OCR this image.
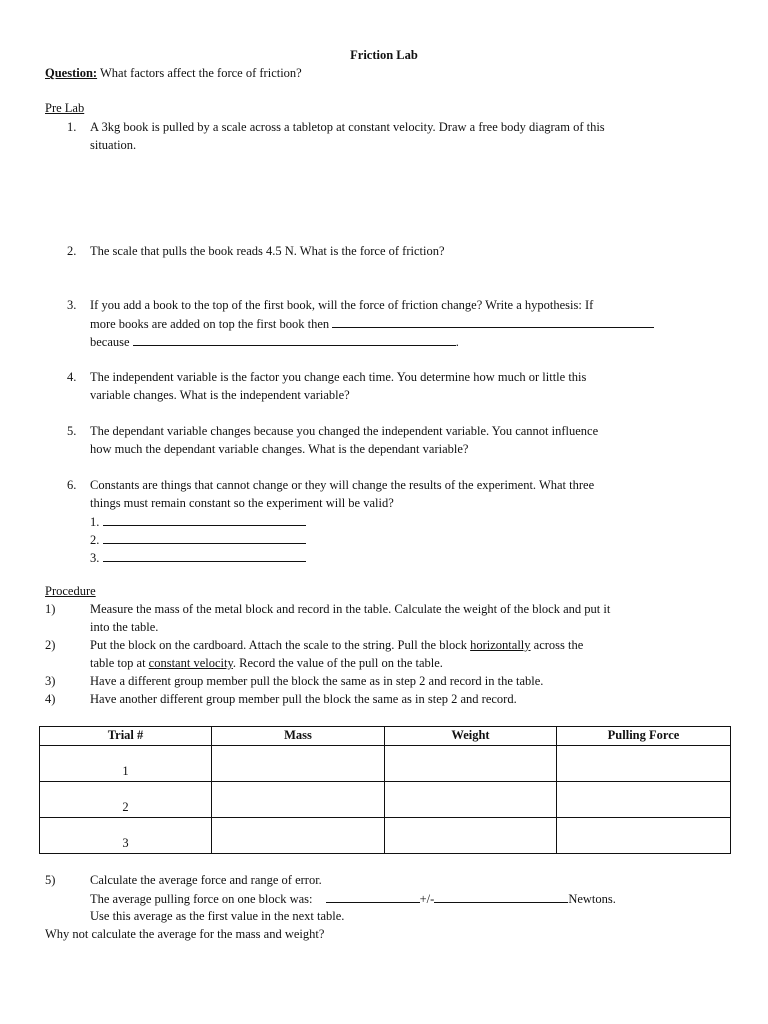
Friction Lab
Question: What factors affect the force of friction?
Pre Lab
1. A 3kg book is pulled by a scale across a tabletop at constant velocity. Draw a free body diagram of this
situation.
2. The scale that pulls the book reads 4.5 N. What is the force of friction?
3. If you add a book to the top of the first book, will the force of friction change? Write a hypothesis: If
more books are added on top the first book then
because	.
4. The independent variable is the factor you change each time. You determine how much or little this
variable changes. What is the independent variable?
5. The dependant variable changes because you changed the independent variable. You cannot influence
how much the dependant variable changes. What is the dependant variable?
6. Constants are things that cannot change or they will change the results of the experiment. What three
things must remain constant so the experiment will be valid?
1.
2.
3.
Procedure
1)	Measure the mass of the metal block and record in the table. Calculate the weight of the block and put it
into the table.
2)	Put the block on the cardboard. Attach the scale to the string. Pull the block horizontally across the
table top at constant velocity. Record the value of the pull on the table.
3)	Have a different group member pull the block the same as in step 2 and record in the table.
4)	Have another different group member pull the block the same as in step 2 and record.
Trial #	Mass	Weight	Pulling Force
1			
2			
3			
5)	Calculate the average force and range of error.
The average pulling force on one block was:	+/-	Newtons.
Use this average as the first value in the next table.
Why not calculate the average for the mass and weight?
